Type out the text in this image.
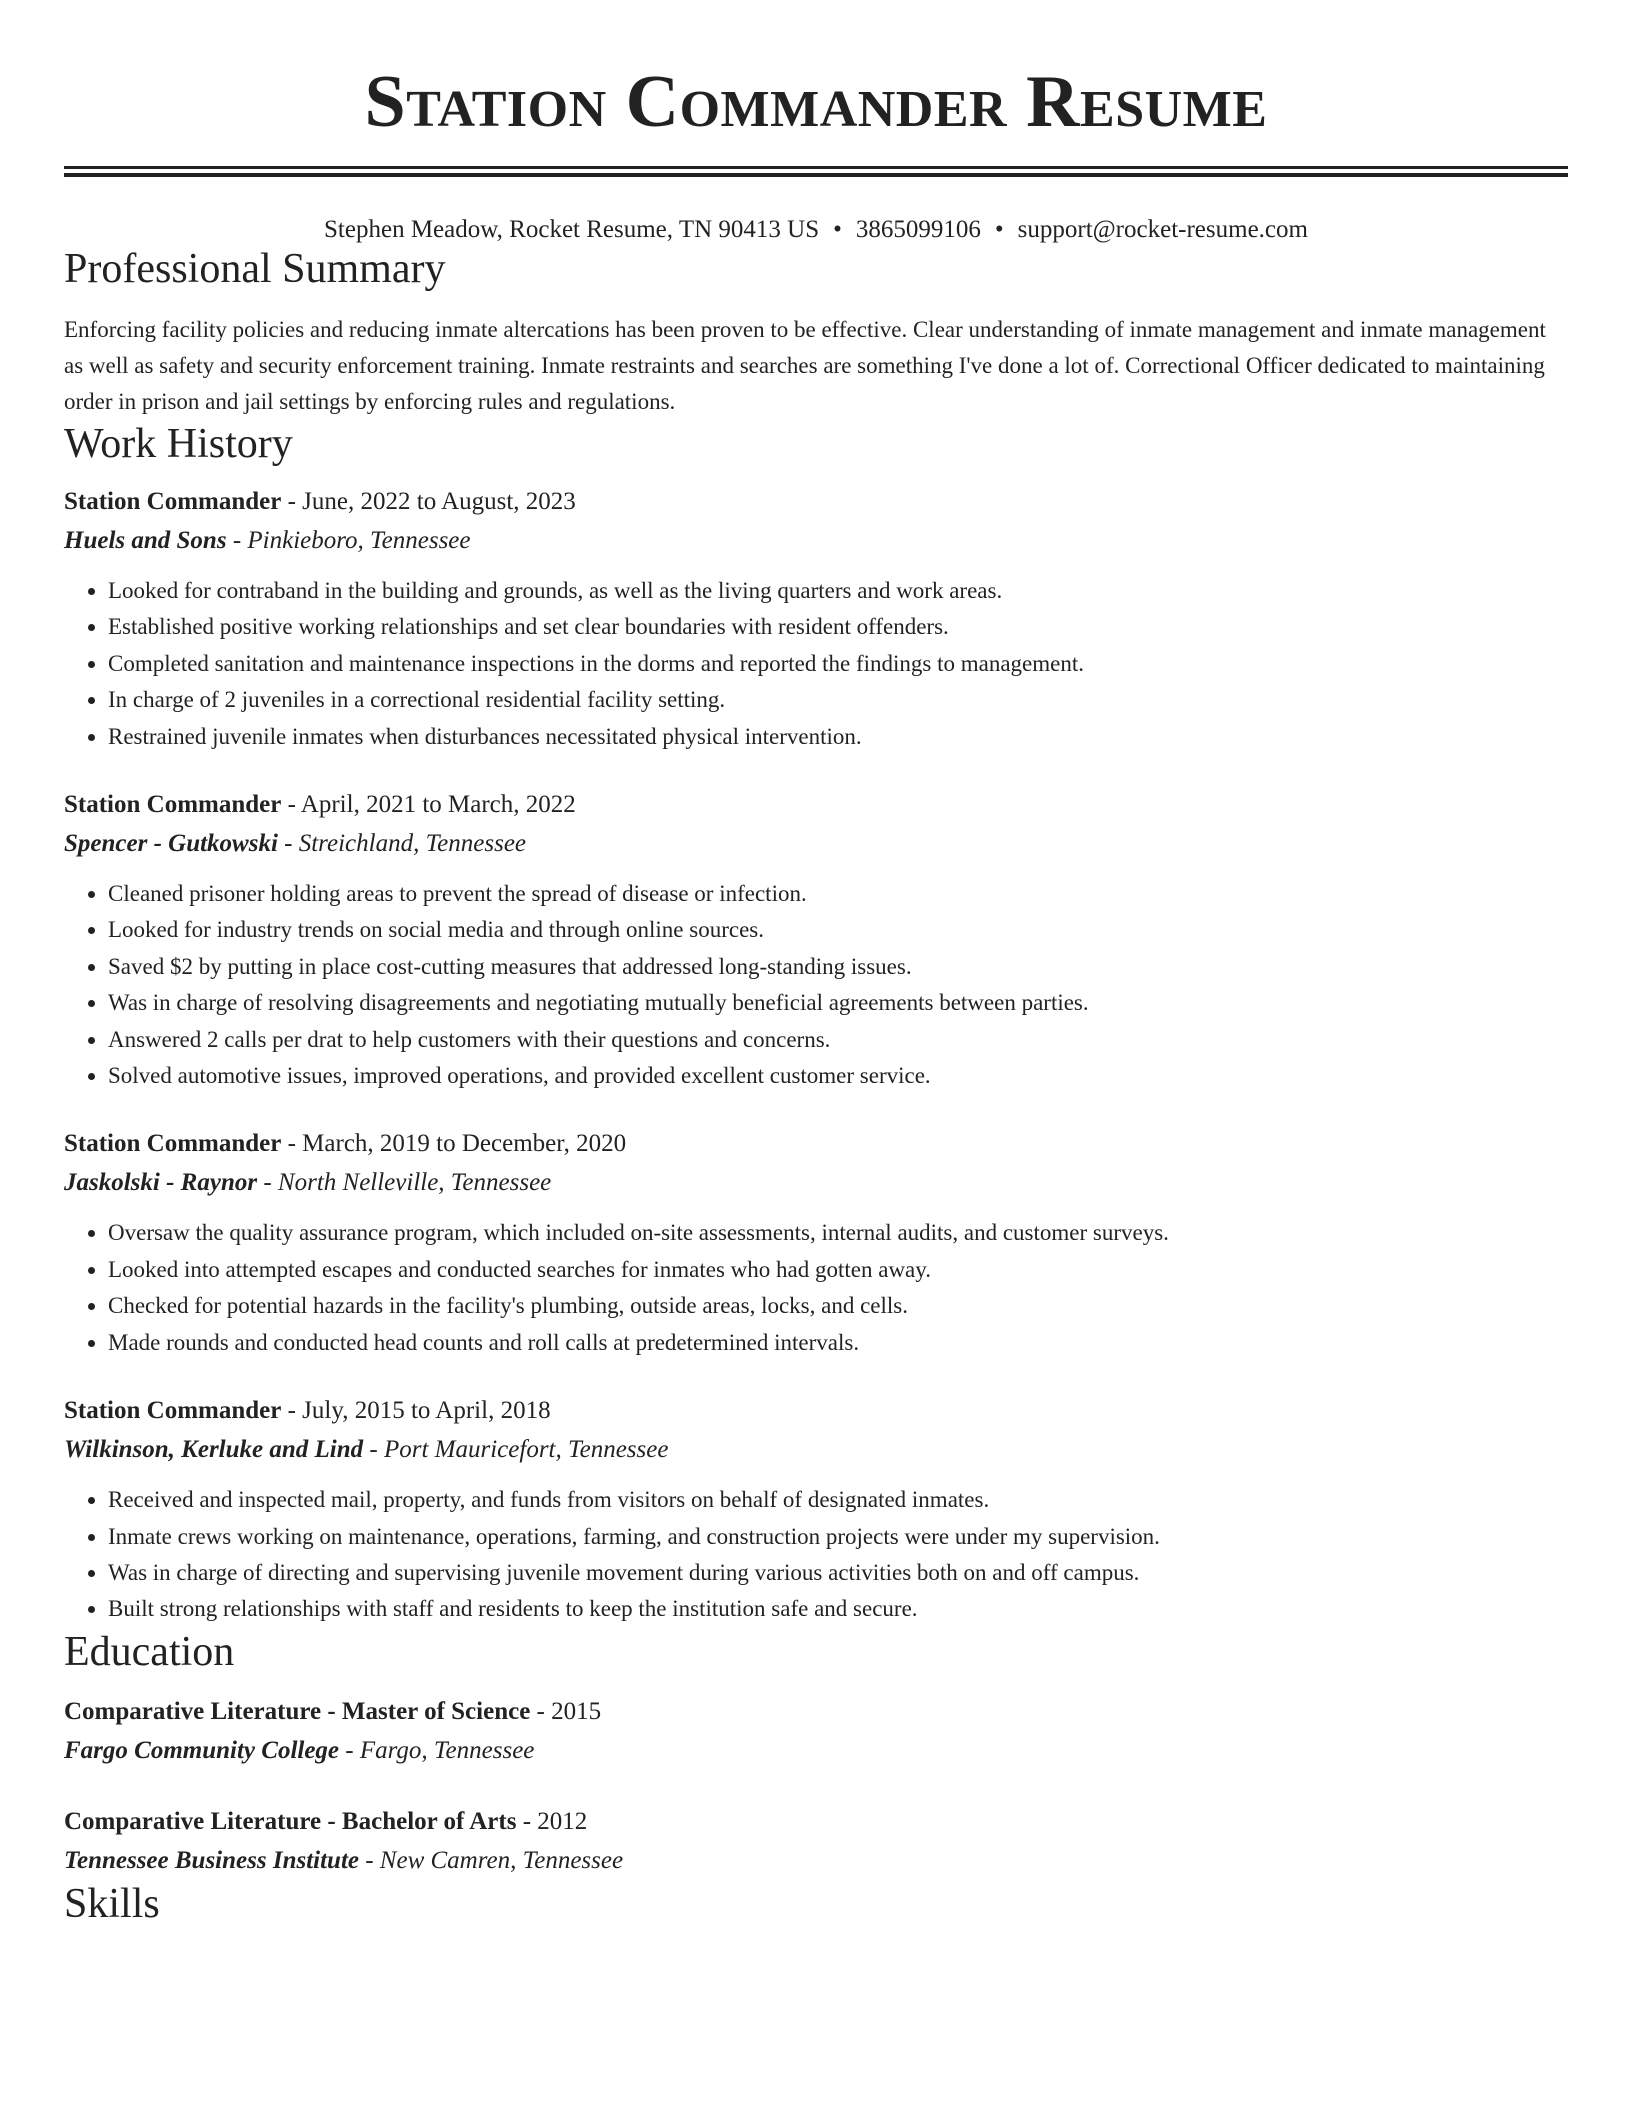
Station Commander Resume
Stephen Meadow, Rocket Resume, TN 90413 US • 3865099106 • support@rocket-resume.com
Professional Summary
Enforcing facility policies and reducing inmate altercations has been proven to be effective. Clear understanding of inmate management and inmate management as well as safety and security enforcement training. Inmate restraints and searches are something I've done a lot of. Correctional Officer dedicated to maintaining order in prison and jail settings by enforcing rules and regulations.
Work History
Station Commander - June, 2022 to August, 2023
Huels and Sons - Pinkieboro, Tennessee
• Looked for contraband in the building and grounds, as well as the living quarters and work areas.
• Established positive working relationships and set clear boundaries with resident offenders.
• Completed sanitation and maintenance inspections in the dorms and reported the findings to management.
• In charge of 2 juveniles in a correctional residential facility setting.
• Restrained juvenile inmates when disturbances necessitated physical intervention.
Station Commander - April, 2021 to March, 2022
Spencer - Gutkowski - Streichland, Tennessee
• Cleaned prisoner holding areas to prevent the spread of disease or infection.
• Looked for industry trends on social media and through online sources.
• Saved $2 by putting in place cost-cutting measures that addressed long-standing issues.
• Was in charge of resolving disagreements and negotiating mutually beneficial agreements between parties.
• Answered 2 calls per drat to help customers with their questions and concerns.
• Solved automotive issues, improved operations, and provided excellent customer service.
Station Commander - March, 2019 to December, 2020
Jaskolski - Raynor - North Nelleville, Tennessee
• Oversaw the quality assurance program, which included on-site assessments, internal audits, and customer surveys.
• Looked into attempted escapes and conducted searches for inmates who had gotten away.
• Checked for potential hazards in the facility's plumbing, outside areas, locks, and cells.
• Made rounds and conducted head counts and roll calls at predetermined intervals.
Station Commander - July, 2015 to April, 2018
Wilkinson, Kerluke and Lind - Port Mauricefort, Tennessee
• Received and inspected mail, property, and funds from visitors on behalf of designated inmates.
• Inmate crews working on maintenance, operations, farming, and construction projects were under my supervision.
• Was in charge of directing and supervising juvenile movement during various activities both on and off campus.
• Built strong relationships with staff and residents to keep the institution safe and secure.
Education
Comparative Literature - Master of Science - 2015
Fargo Community College - Fargo, Tennessee
Comparative Literature - Bachelor of Arts - 2012
Tennessee Business Institute - New Camren, Tennessee
Skills
